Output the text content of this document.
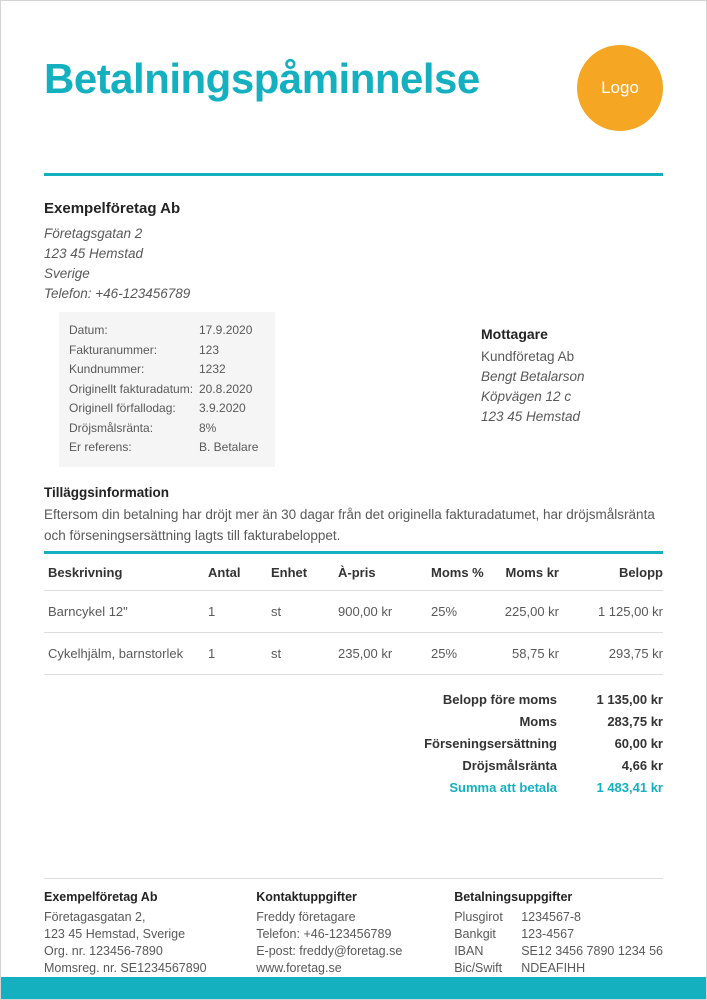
Betalningspåminnelse	Logo

Exempelföretag Ab

Företagsgatan 2
123 45 Hemstad
Sverige
Telefon: +46-123456789
Datum:	17.9.2020
Fakturanummer:	123
Kundnummer:	1232
Originellt fakturadatum: 20.8.2020
Originell förfallodag:	3.9.2020
Dröjsmålsränta:	8%
Er referens:	B. Betalare

Mottagare

Kundföretag Ab
Bengt Betalarson
Köpvägen 12 c
123 45 Hemstad

Tilläggsinformation

Eftersom din betalning har dröjt mer än 30 dagar från det originella fakturadatumet, har dröjsmålsränta och förseningsersättning lagts till fakturabeloppet.

Beskrivning	Antal	Enhet	À-pris	Moms %	Moms kr	Belopp
Barncykel 12"	1	st	900,00 kr	25%	225,00 kr	1 125,00 kr
Cykelhjälm, barnstorlek	1	st	235,00 kr	25%	58,75 kr	293,75 kr
Belopp före moms	1 135,00 kr
Moms	283,75 kr
Förseningsersättning	60,00 kr
Dröjsmålsränta	4,66 kr
Summa att betala	1 483,41 kr

Exempelföretag Ab

Företagasgatan 2,
123 45 Hemstad, Sverige
Org. nr. 123456-7890
Momsreg. nr. SE1234567890

Kontaktuppgifter

Freddy företagare
Telefon: +46-123456789
E-post: freddy@foretag.se
www.foretag.se

Betalningsuppgifter

Plusgirot	1234567-8
Bankgit	123-4567
IBAN	SE12 3456 7890 1234 56
Bic/Swift	NDEAFIHH
